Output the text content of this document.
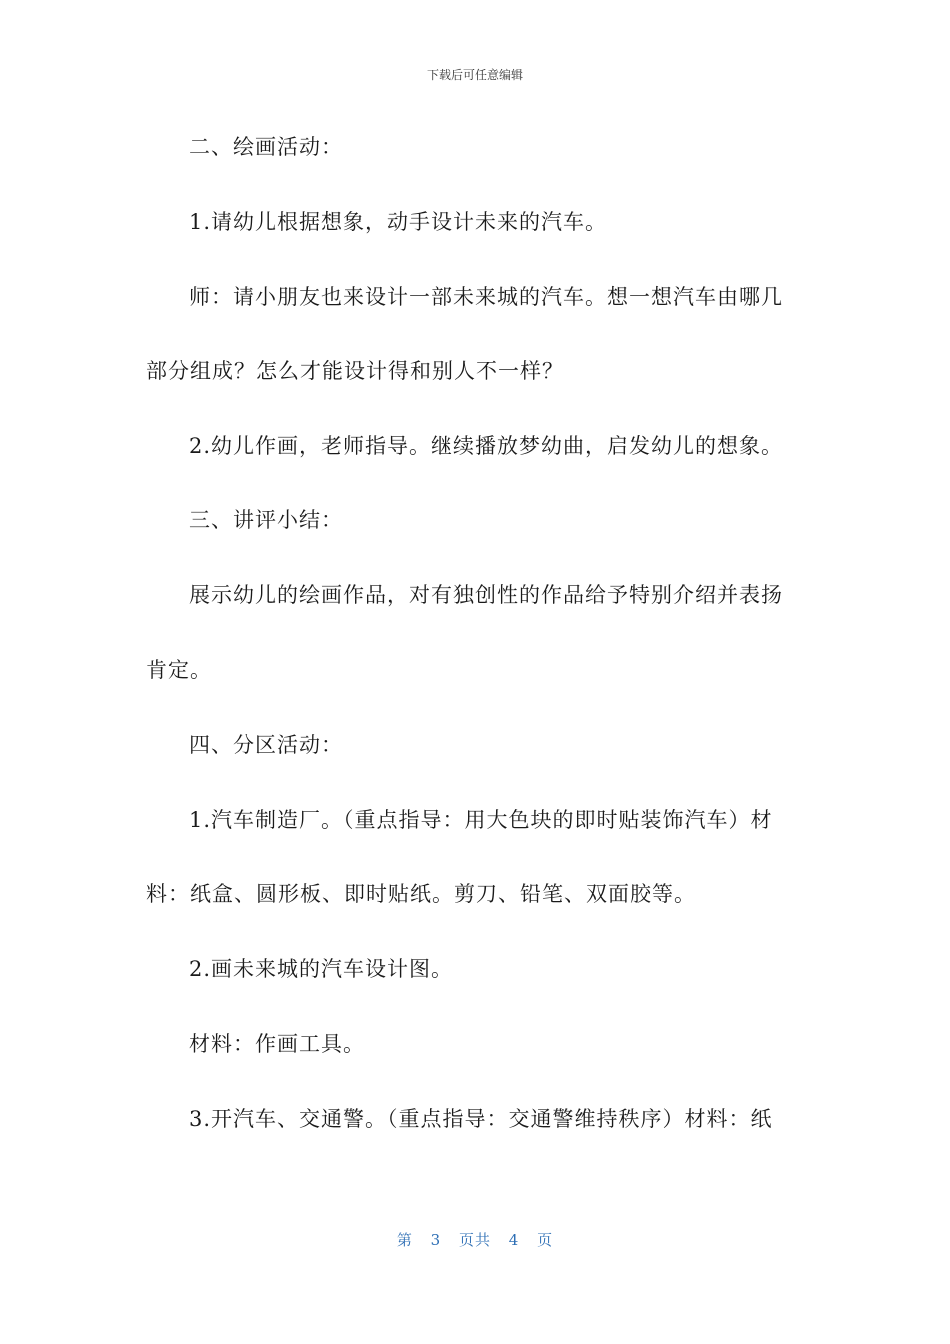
下载后可任意编辑
二、绘画活动：
1.请幼儿根据想象，动手设计未来的汽车。
师：请小朋友也来设计一部未来城的汽车。想一想汽车由哪几
部分组成？怎么才能设计得和别人不一样？
2.幼儿作画，老师指导。继续播放梦幼曲，启发幼儿的想象。
三、讲评小结：
展示幼儿的绘画作品，对有独创性的作品给予特别介绍并表扬
肯定。
四、分区活动：
1.汽车制造厂。（重点指导：用大色块的即时贴装饰汽车）材
料：纸盒、圆形板、即时贴纸。剪刀、铅笔、双面胶等。
2.画未来城的汽车设计图。
材料：作画工具。
3.开汽车、交通警。（重点指导：交通警维持秩序）材料：纸
第 3 页共 4 页
